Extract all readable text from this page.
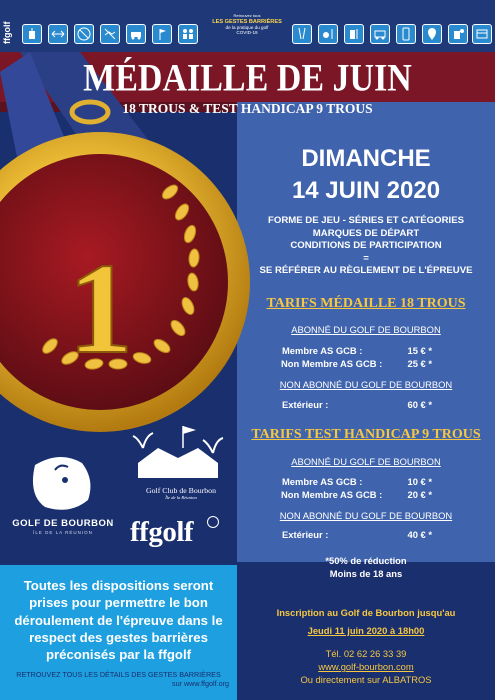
ffgolf
Retrouvez tous
LES GESTES BARRIÈRES
de la pratique du golf
COVID-19
1
MÉDAILLE DE JUIN
18 TROUS & TEST HANDICAP 9 TROUS
DIMANCHE
14 JUIN 2020
FORME DE JEU - SÉRIES ET CATÉGORIES
MARQUES DE DÉPART
CONDITIONS DE PARTICIPATION
=
SE RÉFÉRER AU RÈGLEMENT DE L'ÉPREUVE
TARIFS MÉDAILLE 18 TROUS
ABONNÉ DU GOLF DE BOURBON
Membre AS GCB :	15 € *
Non Membre AS GCB :	25 € *
NON ABONNÉ DU GOLF DE BOURBON
Extérieur :	60 € *
TARIFS TEST HANDICAP 9 TROUS
ABONNÉ DU GOLF DE BOURBON
Membre AS GCB :	10 € *
Non Membre AS GCB :	20 € *
NON ABONNÉ DU GOLF DE BOURBON
Extérieur :	40 € *
*50% de réduction
Moins de 18 ans
GOLF DE BOURBON
ÎLE DE LA RÉUNION
Golf Club de Bourbon
Île de la Réunion
ffgolf
Toutes les dispositions seront prises pour permettre le bon déroulement de l'épreuve dans le respect des gestes barrières préconisés par la ffgolf
RETROUVEZ TOUS LES DÉTAILS DES GESTES BARRIÈRES
sur www.ffgolf.org
Inscription au Golf de Bourbon jusqu'au
Jeudi 11 juin 2020 à 18h00
Tél. 02 62 26 33 39
www.golf-bourbon.com
Ou directement sur ALBATROS
